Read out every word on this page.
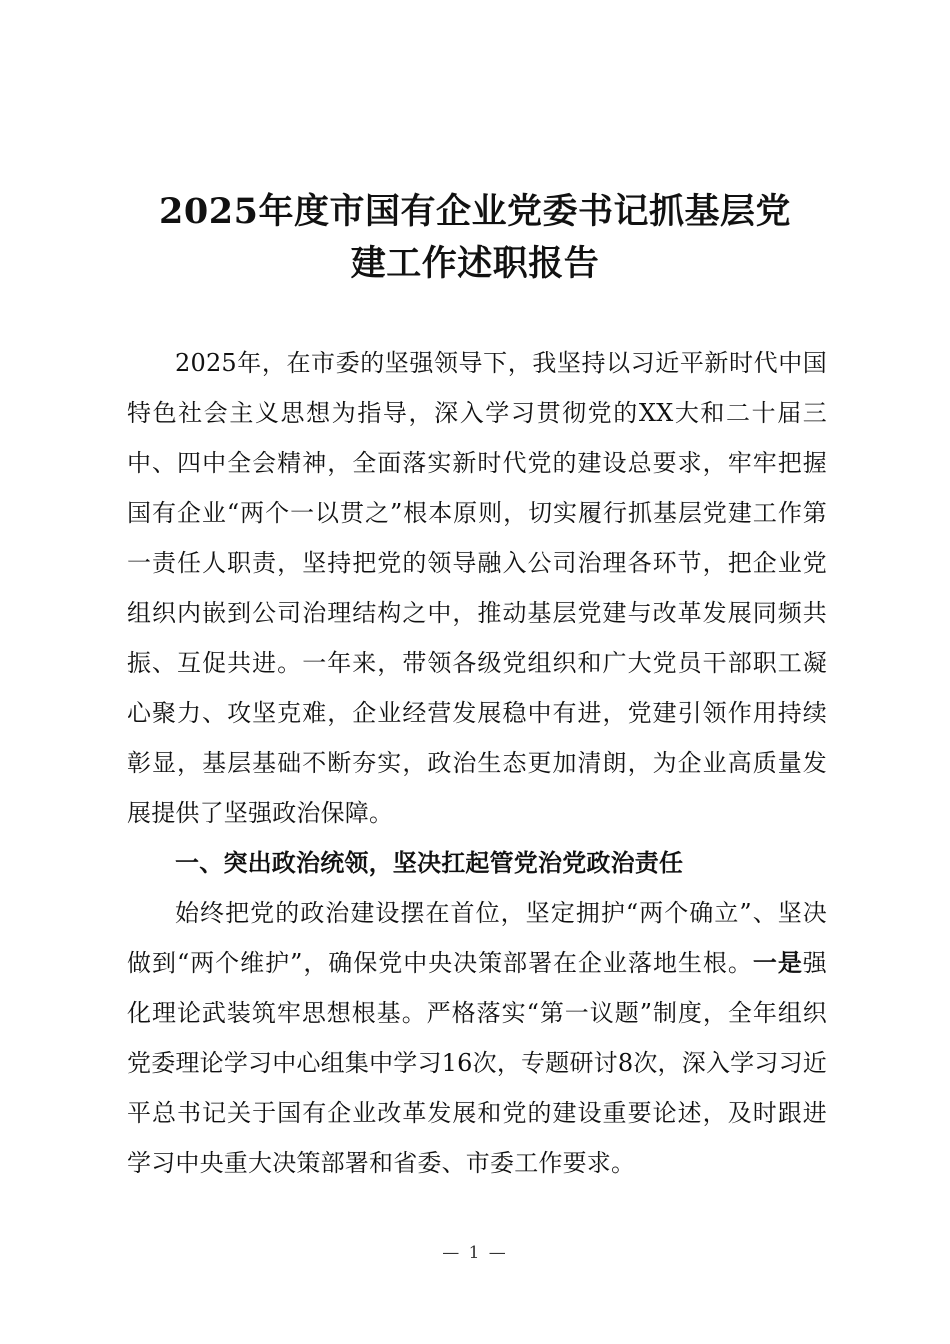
2025年度市国有企业党委书记抓基层党
建工作述职报告

2025年，在市委的坚强领导下，我坚持以习近平新时代中国特色社会主义思想为指导，深入学习贯彻党的XX大和二十届三中、四中全会精神，全面落实新时代党的建设总要求，牢牢把握国有企业“两个一以贯之”根本原则，切实履行抓基层党建工作第一责任人职责，坚持把党的领导融入公司治理各环节，把企业党组织内嵌到公司治理结构之中，推动基层党建与改革发展同频共振、互促共进。一年来，带领各级党组织和广大党员干部职工凝心聚力、攻坚克难，企业经营发展稳中有进，党建引领作用持续彰显，基层基础不断夯实，政治生态更加清朗，为企业高质量发展提供了坚强政治保障。

一、突出政治统领，坚决扛起管党治党政治责任

始终把党的政治建设摆在首位，坚定拥护“两个确立”、坚决做到“两个维护”，确保党中央决策部署在企业落地生根。一是强化理论武装筑牢思想根基。严格落实“第一议题”制度，全年组织党委理论学习中心组集中学习16次，专题研讨8次，深入学习习近平总书记关于国有企业改革发展和党的建设重要论述，及时跟进学习中央重大决策部署和省委、市委工作要求。

— 1 —
